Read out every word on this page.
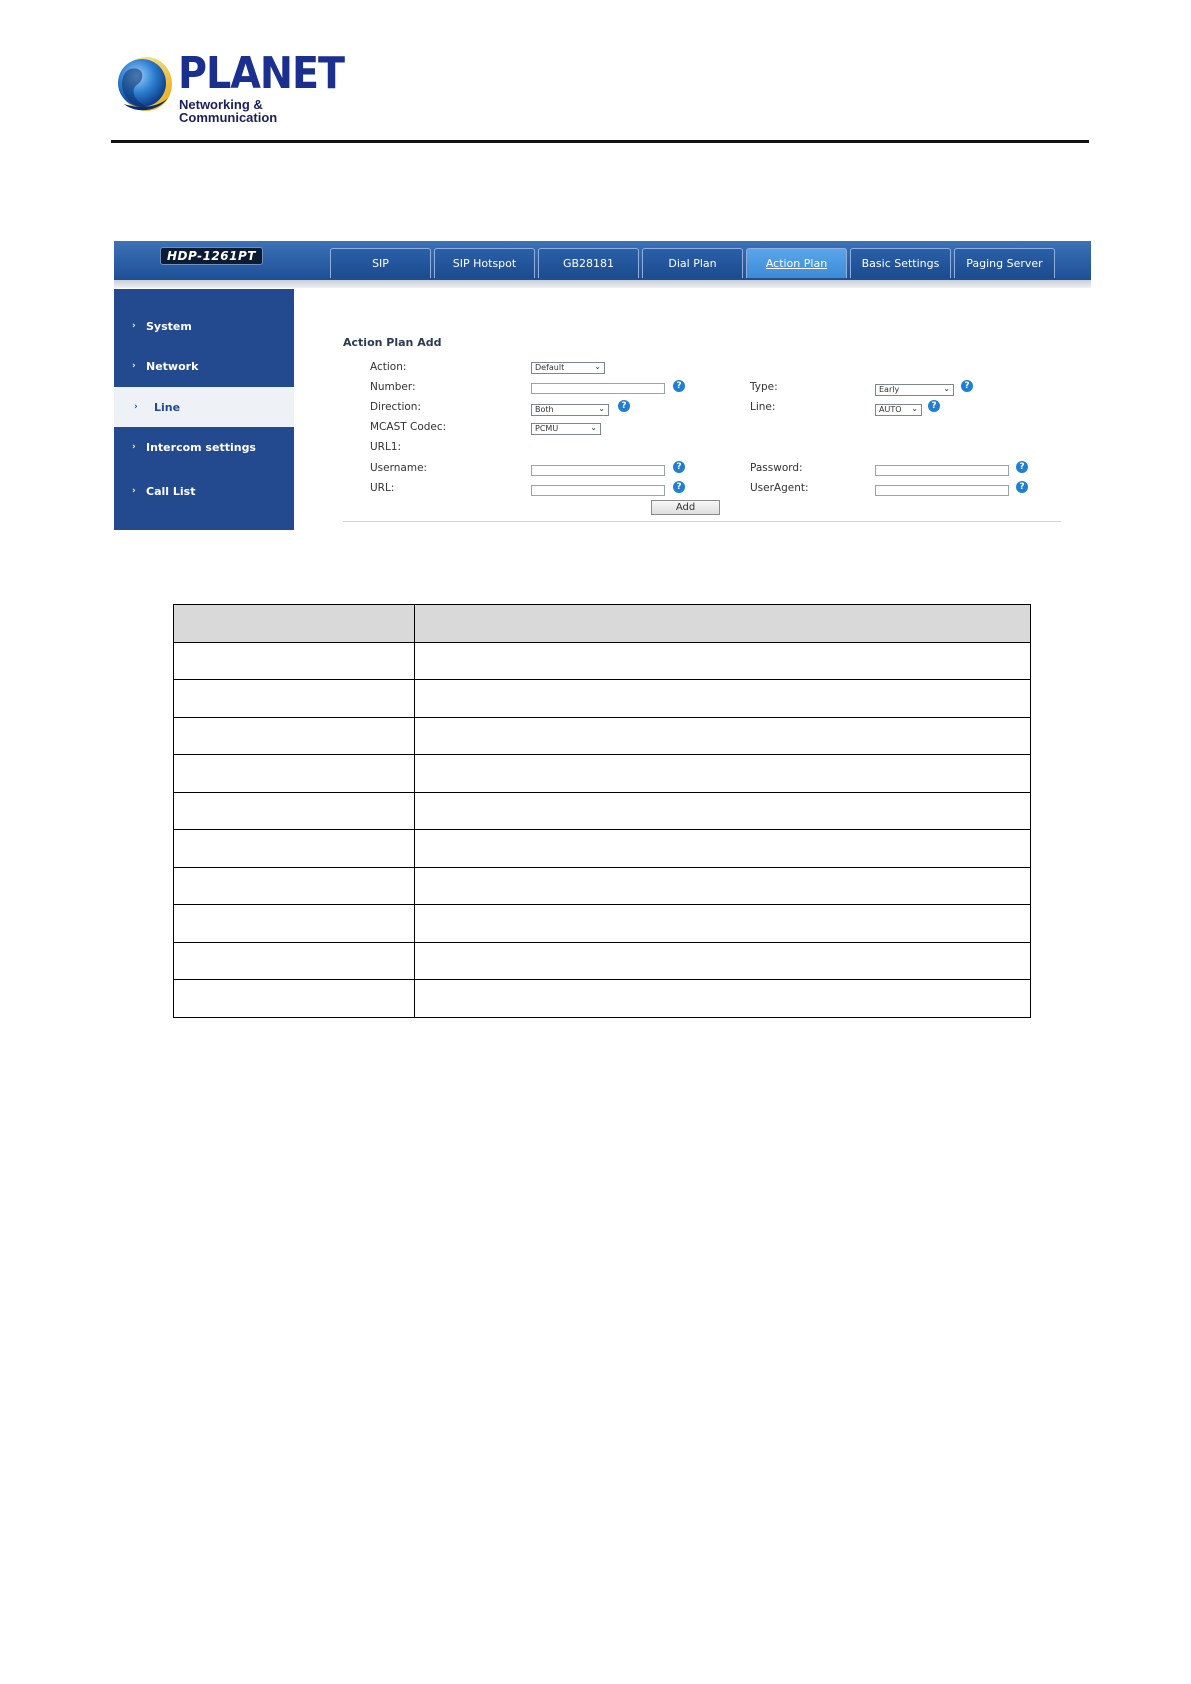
PLANET
Networking & Communication
HDP-1261PT
SIP	SIP Hotspot	GB28181	Dial Plan	Action Plan	Basic Settings	Paging Server
› System
› Network
›	Line
› Intercom settings
› Call List
Action Plan Add
Action:	Default	⌄
Number:	?	Type:	Early	⌄	?
Direction:	Both	⌄	?	Line:	AUTO ⌄	?
MCAST Codec:	PCMU	⌄
URL1:
Username:	?	Password:	?
URL:	?	UserAgent:	?
Add
